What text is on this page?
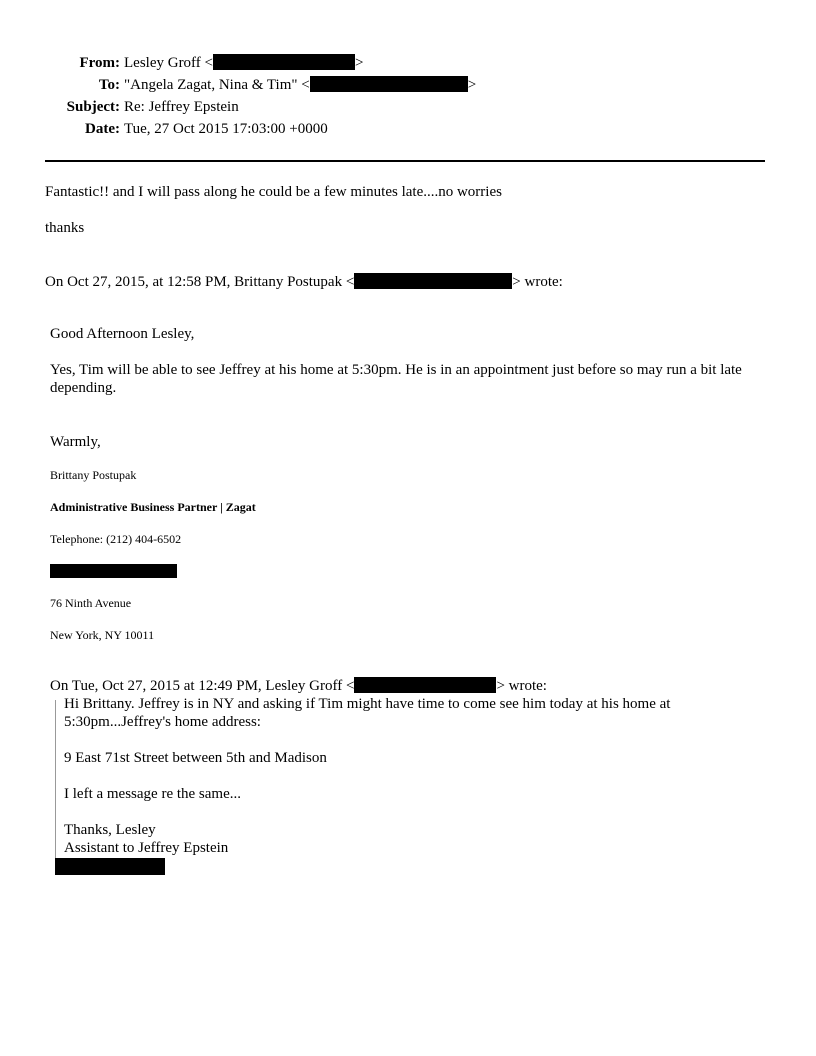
From: Lesley Groff <	>
To: "Angela Zagat, Nina & Tim" <	>
Subject: Re: Jeffrey Epstein
Date: Tue, 27 Oct 2015 17:03:00 +0000
Fantastic!! and I will pass along he could be a few minutes late....no worries
thanks
On Oct 27, 2015, at 12:58 PM, Brittany Postupak <	> wrote:
Good Afternoon Lesley,
Yes, Tim will be able to see Jeffrey at his home at 5:30pm. He is in an appointment just before so may run a bit late depending.
Warmly,
Brittany Postupak
Administrative Business Partner | Zagat
Telephone: (212) 404-6502
76 Ninth Avenue
New York, NY 10011
On Tue, Oct 27, 2015 at 12:49 PM, Lesley Groff <	> wrote:
Hi Brittany. Jeffrey is in NY and asking if Tim might have time to come see him today at his home at 5:30pm...Jeffrey's home address:
9 East 71st Street between 5th and Madison
I left a message re the same...
Thanks, Lesley
Assistant to Jeffrey Epstein
